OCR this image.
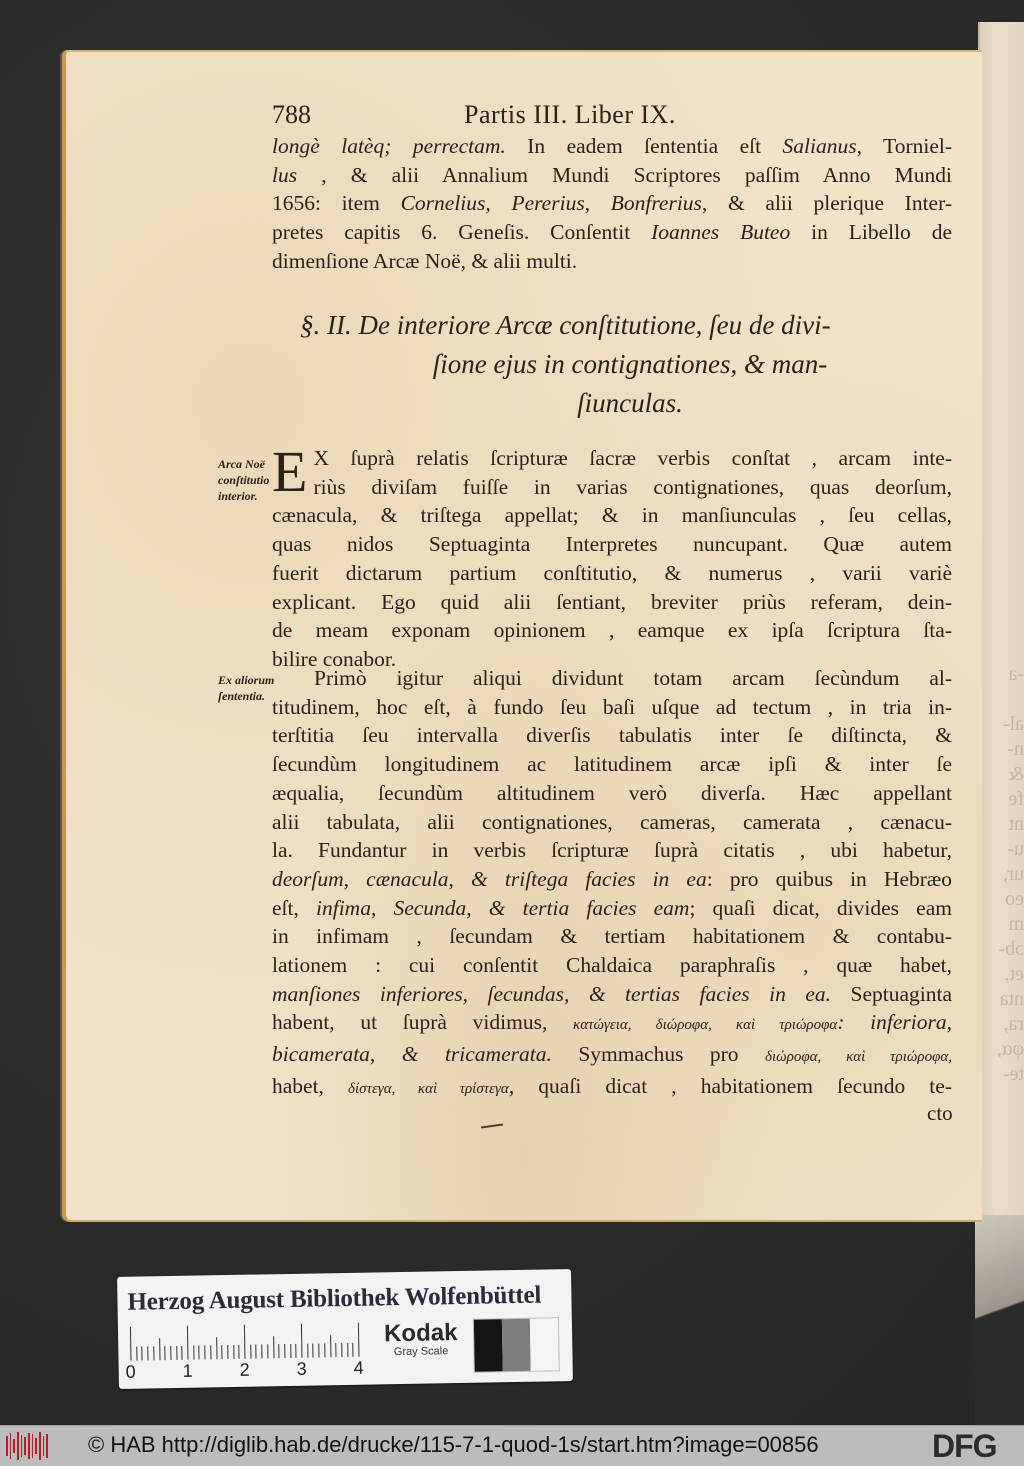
-a

al-
n-
&
fe
nt
u-
ur,
eo
m
ɔb-
et,
nta
ra,
φα,
te-
788	Partis III. Liber IX.
longè latèq; perrectam. In eadem ſententia eſt Salianus, Torniel-
lus , & alii Annalium Mundi Scriptores paſſim Anno Mundi
1656: item Cornelius, Pererius, Bonfrerius, & alii plerique Inter-
pretes capitis 6. Geneſis. Conſentit Ioannes Buteo in Libello de
dimenſione Arcæ Noë, & alii multi.
§. II. De interiore Arcæ conſtitutione, ſeu de divi-
ſione ejus in contignationes, & man-
ſiunculas.
Arca Noë conſtitutio interior.
Ex aliorum ſententia.
E X ſuprà relatis ſcripturæ ſacræ verbis conſtat , arcam inte-
riùs diviſam fuiſſe in varias contignationes, quas deorſum,
cænacula, & triſtega appellat; & in manſiunculas , ſeu cellas,
quas nidos Septuaginta Interpretes nuncupant. Quæ autem
fuerit dictarum partium conſtitutio, & numerus , varii variè
explicant. Ego quid alii ſentiant, breviter priùs referam, dein-
de meam exponam opinionem , eamque ex ipſa ſcriptura ſta-
bilire conabor.
Primò igitur aliqui dividunt totam arcam ſecùndum al-
titudinem, hoc eſt, à fundo ſeu baſi uſque ad tectum , in tria in-
terſtitia ſeu intervalla diverſis tabulatis inter ſe diſtincta, &
ſecundùm longitudinem ac latitudinem arcæ ipſi & inter ſe
æqualia, ſecundùm altitudinem verò diverſa. Hæc appellant
alii tabulata, alii contignationes, cameras, camerata , cænacu-
la. Fundantur in verbis ſcripturæ ſuprà citatis , ubi habetur,
deorſum, cænacula, & triſtega facies in ea: pro quibus in Hebræo
eſt, infima, Secunda, & tertia facies eam; quaſi dicat, divides eam
in infimam , ſecundam & tertiam habitationem & contabu-
lationem : cui conſentit Chaldaica paraphraſis , quæ habet,
manſiones inferiores, ſecundas, & tertias facies in ea. Septuaginta
habent, ut ſuprà vidimus, κατώγεια, διώροφα, καὶ τριώροφα: inferiora,
bicamerata, & tricamerata. Symmachus pro διώροφα, καὶ τριώροφα,
habet, δίστεγα, καὶ τρίστεγα, quaſi dicat , habitationem ſecundo te-
cto
Herzog August Bibliothek Wolfenbüttel
0	1	2	3	4
Kodak
Gray Scale
© HAB http://diglib.hab.de/drucke/115-7-1-quod-1s/start.htm?image=00856	DFG
